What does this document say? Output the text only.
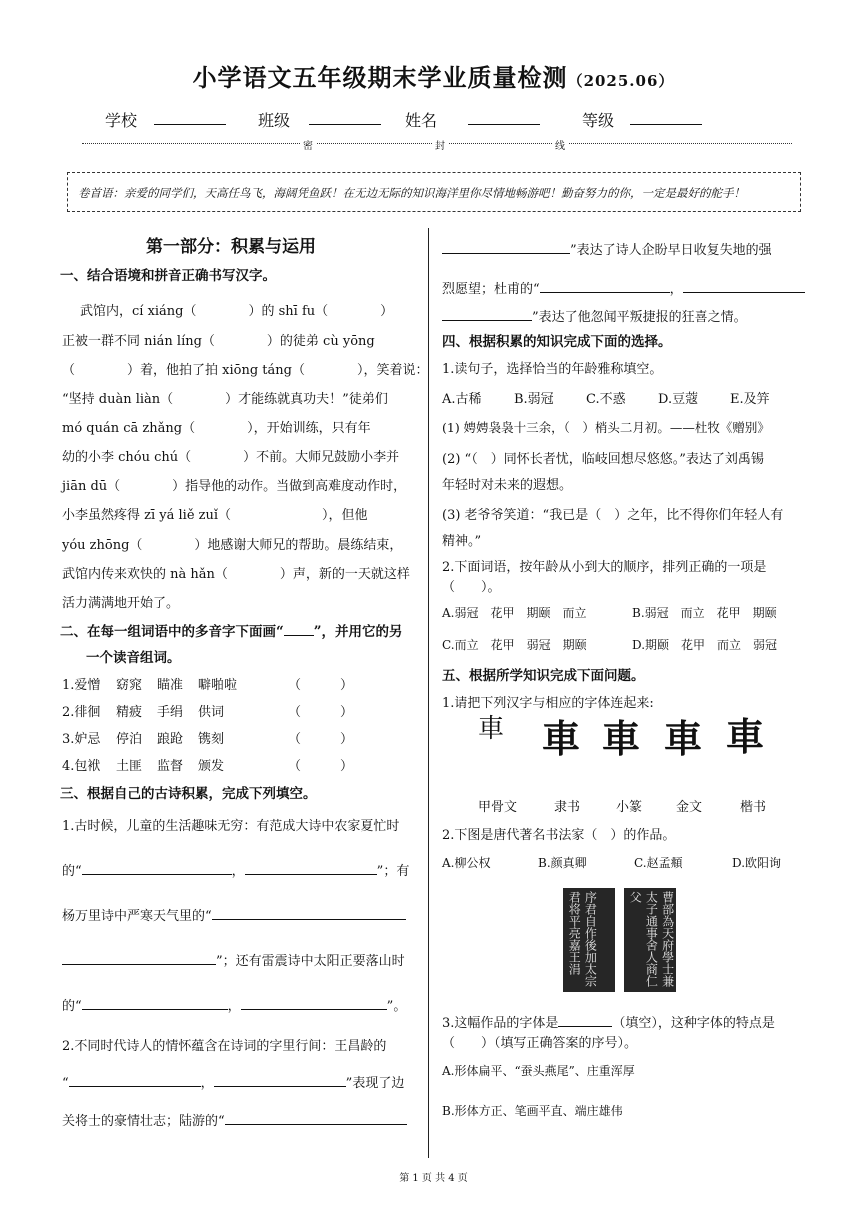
小学语文五年级期末学业质量检测（2025.06）
学校	班级	姓名	等级
密	封	线
卷首语：亲爱的同学们，天高任鸟飞，海阔凭鱼跃！在无边无际的知识海洋里你尽情地畅游吧！勤奋努力的你，一定是最好的舵手！
第一部分：积累与运用
一、结合语境和拼音正确书写汉字。
武馆内，cí xiáng（　　　　）的 shī fu（　　　　）
正被一群不同 nián líng（　　　　）的徒弟 cù yōng
（　　　　）着，他拍了拍 xiōng táng（　　　　），笑着说：
“坚持 duàn liàn（　　　　）才能练就真功夫！”徒弟们
mó quán cā zhǎng（　　　　），开始训练，只有年
幼的小李 chóu chú（　　　　）不前。大师兄鼓励小李并
jiān dū（　　　　）指导他的动作。当做到高难度动作时，
小李虽然疼得 zī yá liě zuǐ（　　　　　　　），但他
yóu zhōng（　　　　）地感谢大师兄的帮助。晨练结束，
武馆内传来欢快的 nà hǎn（　　　　）声，新的一天就这样
活力满满地开始了。
二、在每一组词语中的多音字下面画“ ”，并用它的另
一个读音组词。
1.爱憎 窈窕 瞄准 噼啪啦	（　　　）
2.徘徊 精疲 手绢 供词	（　　　）
3.妒忌 停泊 踉跄 镌刻	（　　　）
4.包袱 土匪 监督 颁发	（　　　）
三、根据自己的古诗积累，完成下列填空。
1.古时候，儿童的生活趣味无穷：有范成大诗中农家夏忙时
的“	，	”；有
杨万里诗中严寒天气里的“
”；还有雷震诗中太阳正要落山时
的“	，	”。
2.不同时代诗人的情怀蕴含在诗词的字里行间：王昌龄的
“	，	”表现了边
关将士的豪情壮志；陆游的“
”表达了诗人企盼早日收复失地的强
烈愿望；杜甫的“	，
”表达了他忽闻平叛捷报的狂喜之情。
四、根据积累的知识完成下面的选择。
1.读句子，选择恰当的年龄雅称填空。
A.古稀 B.弱冠 C.不惑 D.豆蔻 E.及笄
(1) 娉娉袅袅十三余，（　）梢头二月初。——杜牧《赠别》
(2) “（　）同怀长者忧，临岐回想尽悠悠。”表达了刘禹锡
年轻时对未来的遐想。
(3) 老爷爷笑道：“我已是（　）之年，比不得你们年轻人有
精神。”
2.下面词语，按年龄从小到大的顺序，排列正确的一项是
（　　）。
A.弱冠　花甲　期颐　而立	B.弱冠　而立　花甲　期颐
C.而立　花甲　弱冠　期颐	D.期颐　花甲　而立　弱冠
五、根据所学知识完成下面问题。
1.请把下列汉字与相应的字体连起来:
車 車 車 車 車
甲骨文	隶书	小篆	金文	楷书
2.下图是唐代著名书法家（　）的作品。
A.柳公权	B.颜真卿	C.赵孟頫	D.欧阳询
序君自作後加太宗君将平亮嘉王涓	曹部為天府學士兼太子通事舍人商仁父
3.这幅作品的字体是	（填空），这种字体的特点是
（　　）（填写正确答案的序号）。
A.形体扁平、“蚕头燕尾”、庄重浑厚
B.形体方正、笔画平直、端庄雄伟
第 1 页 共 4 页
